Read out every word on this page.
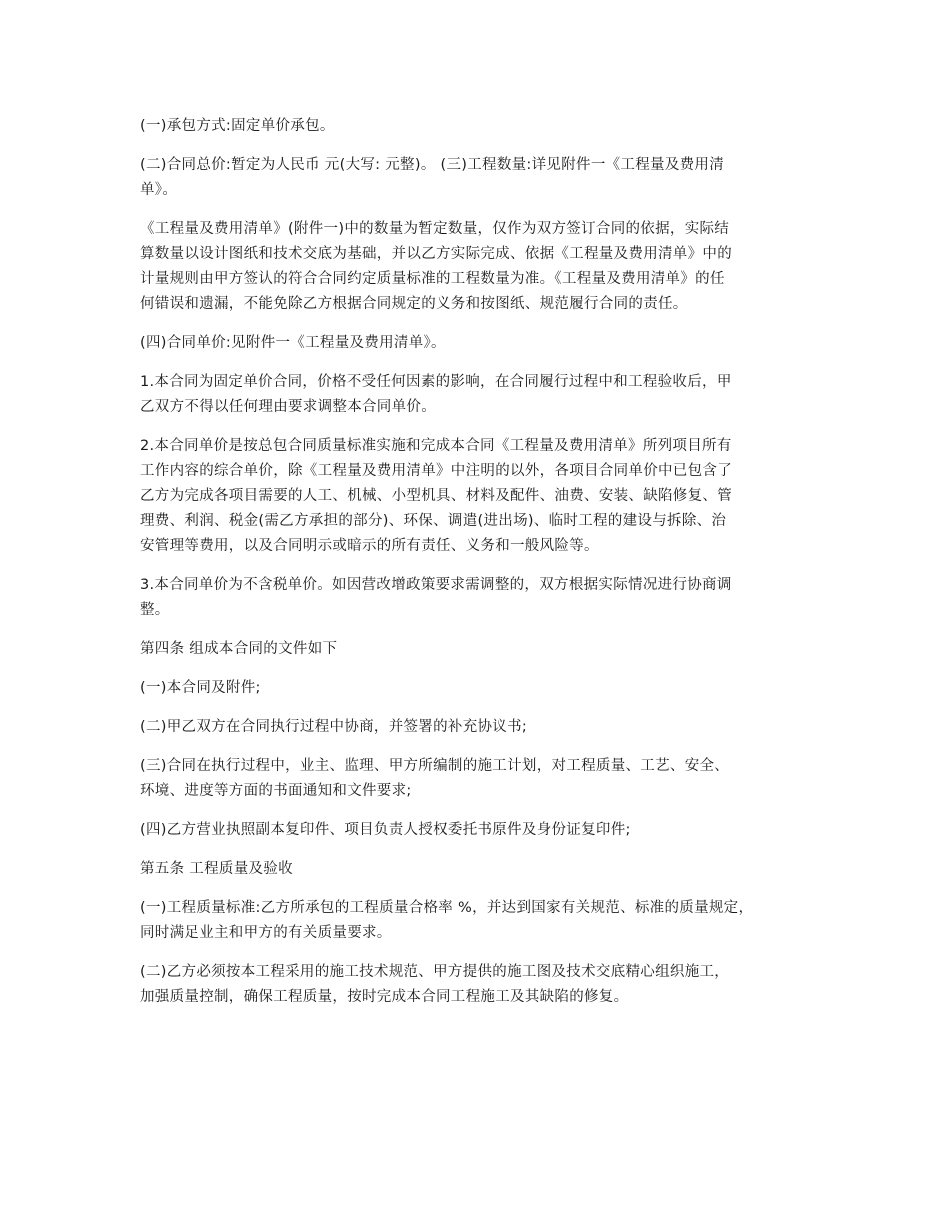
(一)承包方式:固定单价承包。

(二)合同总价:暂定为人民币 元(大写: 元整)。 (三)工程数量:详见附件一《工程量及费用清
单》。

《工程量及费用清单》(附件一)中的数量为暂定数量，仅作为双方签订合同的依据，实际结
算数量以设计图纸和技术交底为基础，并以乙方实际完成、依据《工程量及费用清单》中的
计量规则由甲方签认的符合合同约定质量标准的工程数量为准。《工程量及费用清单》的任
何错误和遗漏，不能免除乙方根据合同规定的义务和按图纸、规范履行合同的责任。

(四)合同单价:见附件一《工程量及费用清单》。

1.本合同为固定单价合同，价格不受任何因素的影响，在合同履行过程中和工程验收后，甲
乙双方不得以任何理由要求调整本合同单价。

2.本合同单价是按总包合同质量标准实施和完成本合同《工程量及费用清单》所列项目所有
工作内容的综合单价，除《工程量及费用清单》中注明的以外，各项目合同单价中已包含了
乙方为完成各项目需要的人工、机械、小型机具、材料及配件、油费、安装、缺陷修复、管
理费、利润、税金(需乙方承担的部分)、环保、调遣(进出场)、临时工程的建设与拆除、治
安管理等费用，以及合同明示或暗示的所有责任、义务和一般风险等。

3.本合同单价为不含税单价。如因营改增政策要求需调整的，双方根据实际情况进行协商调
整。

第四条 组成本合同的文件如下

(一)本合同及附件;

(二)甲乙双方在合同执行过程中协商，并签署的补充协议书;

(三)合同在执行过程中，业主、监理、甲方所编制的施工计划，对工程质量、工艺、安全、
环境、进度等方面的书面通知和文件要求;

(四)乙方营业执照副本复印件、项目负责人授权委托书原件及身份证复印件;

第五条 工程质量及验收

(一)工程质量标准:乙方所承包的工程质量合格率 %，并达到国家有关规范、标准的质量规定，
同时满足业主和甲方的有关质量要求。

(二)乙方必须按本工程采用的施工技术规范、甲方提供的施工图及技术交底精心组织施工，
加强质量控制，确保工程质量，按时完成本合同工程施工及其缺陷的修复。
